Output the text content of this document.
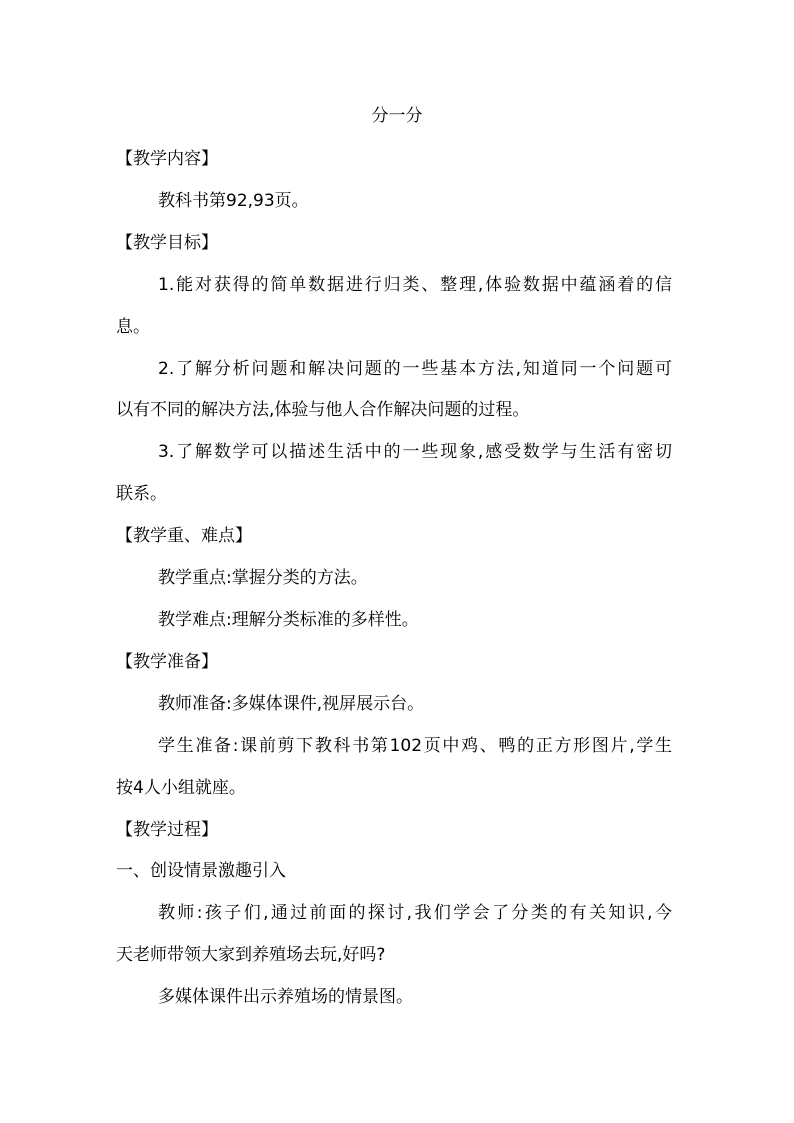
分一分
【教学内容】
教科书第92,93页。
【教学目标】
1.能对获得的简单数据进行归类、整理,体验数据中蕴涵着的信
息。
2.了解分析问题和解决问题的一些基本方法,知道同一个问题可
以有不同的解决方法,体验与他人合作解决问题的过程。
3.了解数学可以描述生活中的一些现象,感受数学与生活有密切
联系。
【教学重、难点】
教学重点:掌握分类的方法。
教学难点:理解分类标准的多样性。
【教学准备】
教师准备:多媒体课件,视屏展示台。
学生准备:课前剪下教科书第102页中鸡、鸭的正方形图片,学生
按4人小组就座。
【教学过程】
一、创设情景激趣引入
教师:孩子们,通过前面的探讨,我们学会了分类的有关知识,今
天老师带领大家到养殖场去玩,好吗?
多媒体课件出示养殖场的情景图。
